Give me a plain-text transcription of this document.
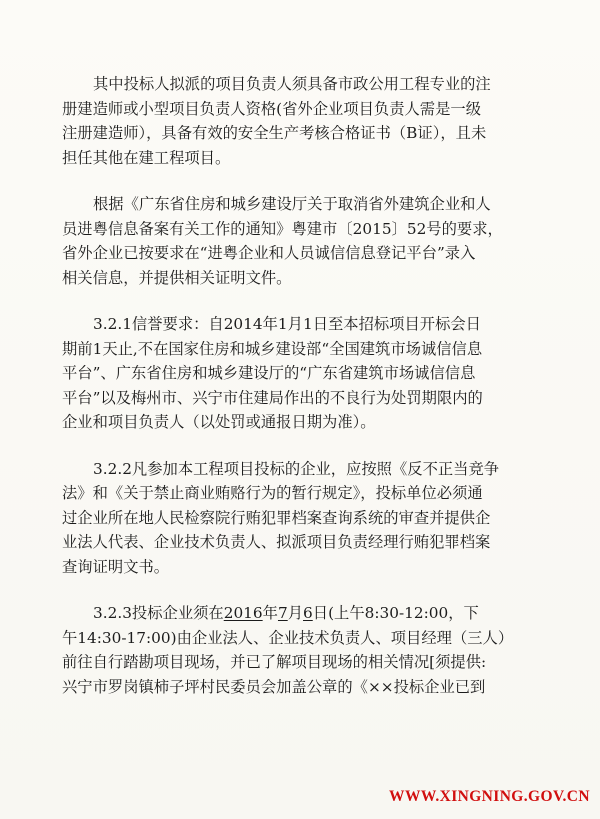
其中投标人拟派的项目负责人须具备市政公用工程专业的注
册建造师或小型项目负责人资格(省外企业项目负责人需是一级
注册建造师），具备有效的安全生产考核合格证书（B证），且未
担任其他在建工程项目。
根据《广东省住房和城乡建设厅关于取消省外建筑企业和人
员进粤信息备案有关工作的通知》粤建市〔2015〕52号的要求，
省外企业已按要求在“进粤企业和人员诚信信息登记平台”录入
相关信息，并提供相关证明文件。
3.2.1信誉要求：自2014年1月1日至本招标项目开标会日
期前1天止,不在国家住房和城乡建设部“全国建筑市场诚信信息
平台”、广东省住房和城乡建设厅的“广东省建筑市场诚信信息
平台”以及梅州市、兴宁市住建局作出的不良行为处罚期限内的
企业和项目负责人（以处罚或通报日期为准）。
3.2.2凡参加本工程项目投标的企业，应按照《反不正当竞争
法》和《关于禁止商业贿赂行为的暂行规定》，投标单位必须通
过企业所在地人民检察院行贿犯罪档案查询系统的审查并提供企
业法人代表、企业技术负责人、拟派项目负责经理行贿犯罪档案
查询证明文书。
3.2.3投标企业须在2016年7月6日(上午8:30-12:00，下
午14:30-17:00)由企业法人、企业技术负责人、项目经理（三人）
前往自行踏勘项目现场，并已了解项目现场的相关情况[须提供:
兴宁市罗岗镇柿子坪村民委员会加盖公章的《××投标企业已到
WWW.XINGNING.GOV.CN
